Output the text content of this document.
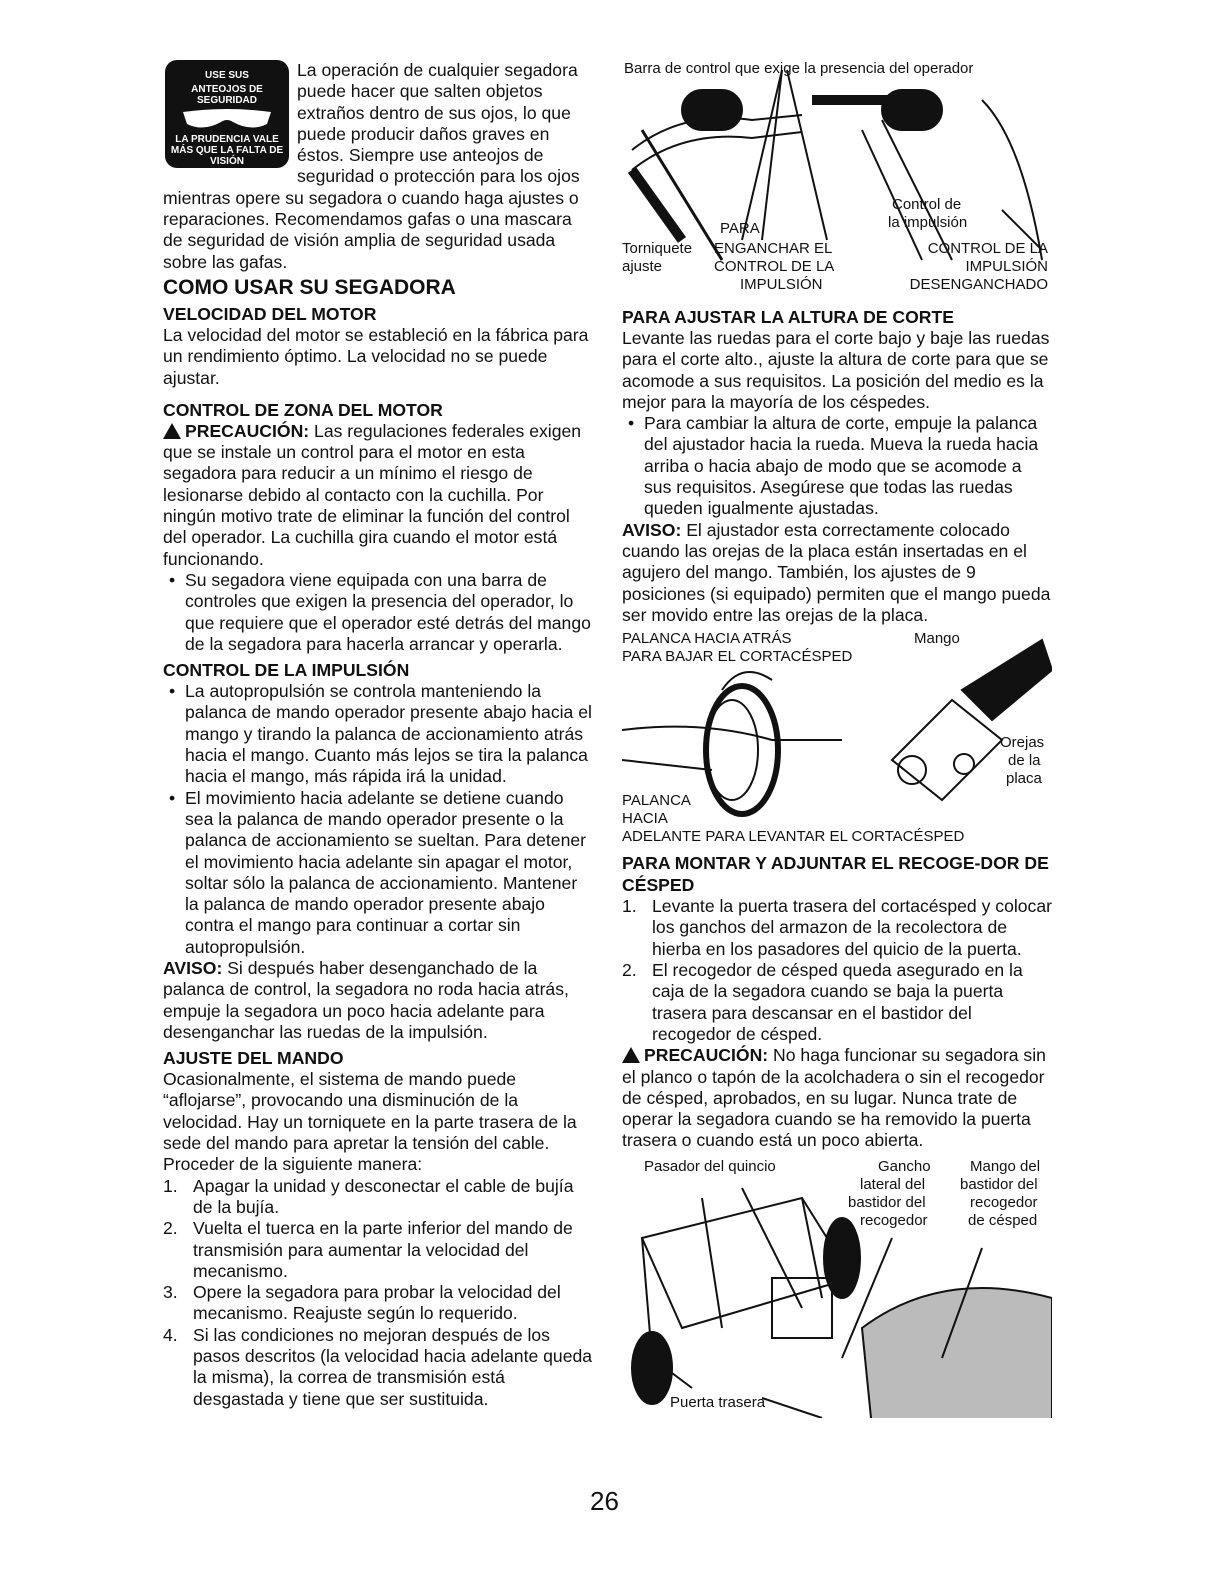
USE SUS
ANTEOJOS DE SEGURIDAD
LA PRUDENCIA VALE MÁS QUE LA FALTA DE VISIÓN

La operación de cualquier segadora puede hacer que salten objetos extraños dentro de sus ojos, lo que puede producir daños graves en éstos. Siempre use anteojos de seguridad o protección para los ojos mientras opere su segadora o cuando haga ajustes o reparaciones. Recomendamos gafas o una mascara de seguridad de visión amplia de seguridad usada sobre las gafas.

COMO USAR SU SEGADORA
VELOCIDAD DEL MOTOR

La velocidad del motor se estableció en la fábrica para un rendimiento óptimo. La velocidad no se puede ajustar.

CONTROL DE ZONA DEL MOTOR

PRECAUCIÓN: Las regulaciones federales exigen que se instale un control para el motor en esta segadora para reducir a un mínimo el riesgo de lesionarse debido al contacto con la cuchilla. Por ningún motivo trate de eliminar la función del control del operador. La cuchilla gira cuando el motor está funcionando.

• Su segadora viene equipada con una barra de controles que exigen la presencia del operador, lo que requiere que el operador esté detrás del mango de la segadora para hacerla arrancar y operarla.
CONTROL DE LA IMPULSIÓN
• La autopropulsión se controla manteniendo la palanca de mando operador presente abajo hacia el mango y tirando la palanca de accionamiento atrás hacia el mango. Cuanto más lejos se tira la palanca hacia el mango, más rápida irá la unidad.
• El movimiento hacia adelante se detiene cuando sea la palanca de mando operador presente o la palanca de accionamiento se sueltan. Para detener el movimiento hacia adelante sin apagar el motor, soltar sólo la palanca de accionamiento. Mantener la palanca de mando operador presente abajo contra el mango para continuar a cortar sin autopropulsión.

AVISO: Si después haber desenganchado de la palanca de control, la segadora no roda hacia atrás, empuje la segadora un poco hacia adelante para desenganchar las ruedas de la impulsión.

AJUSTE DEL MANDO

Ocasionalmente, el sistema de mando puede “aflojarse”, provocando una disminución de la velocidad. Hay un torniquete en la parte trasera de la sede del mando para apretar la tensión del cable. Proceder de la siguiente manera:

1. Apagar la unidad y desconectar el cable de bujía de la bujía.
2. Vuelta el tuerca en la parte inferior del mando de transmisión para aumentar la velocidad del mecanismo.
3. Opere la segadora para probar la velocidad del mecanismo. Reajuste según lo requerido.
4. Si las condiciones no mejoran después de los pasos descritos (la velocidad hacia adelante queda la misma), la correa de transmisión está desgastada y tiene que ser sustituida.
Barra de control que exige la presencia del operador
PARA
Control de
la impulsión
Torniquete
ajuste
ENGANCHAR EL
CONTROL DE LA
IMPULSIÓN
CONTROL DE LA
IMPULSIÓN
DESENGANCHADO
PARA AJUSTAR LA ALTURA DE CORTE

Levante las ruedas para el corte bajo y baje las ruedas para el corte alto., ajuste la altura de corte para que se acomode a sus requisitos. La posición del medio es la mejor para la mayoría de los céspedes.

• Para cambiar la altura de corte, empuje la palanca del ajustador hacia la rueda. Mueva la rueda hacia arriba o hacia abajo de modo que se acomode a sus requisitos. Asegúrese que todas las ruedas queden igualmente ajustadas.

AVISO: El ajustador esta correctamente colocado cuando las orejas de la placa están insertadas en el agujero del mango. También, los ajustes de 9 posiciones (si equipado) permiten que el mango pueda ser movido entre las orejas de la placa.

PALANCA HACIA ATRÁS
PARA BAJAR EL CORTACÉSPED
Mango
Orejas
de la
placa
PALANCA
HACIA
ADELANTE PARA LEVANTAR EL CORTACÉSPED
PARA MONTAR Y ADJUNTAR EL RECOGE-DOR DE CÉSPED
1. Levante la puerta trasera del cortacésped y colocar los ganchos del armazon de la recolectora de hierba en los pasadores del quicio de la puerta.
2. El recogedor de césped queda asegurado en la caja de la segadora cuando se baja la puerta trasera para descansar en el bastidor del recogedor de césped.

PRECAUCIÓN: No haga funcionar su segadora sin el planco o tapón de la acolchadera o sin el recogedor de césped, aprobados, en su lugar. Nunca trate de operar la segadora cuando se ha removido la puerta trasera o cuando está un poco abierta.

Pasador del quincio	Gancho
lateral del
bastidor del
recogedor
Mango del
bastidor del
recogedor
de césped
Puerta trasera
26
